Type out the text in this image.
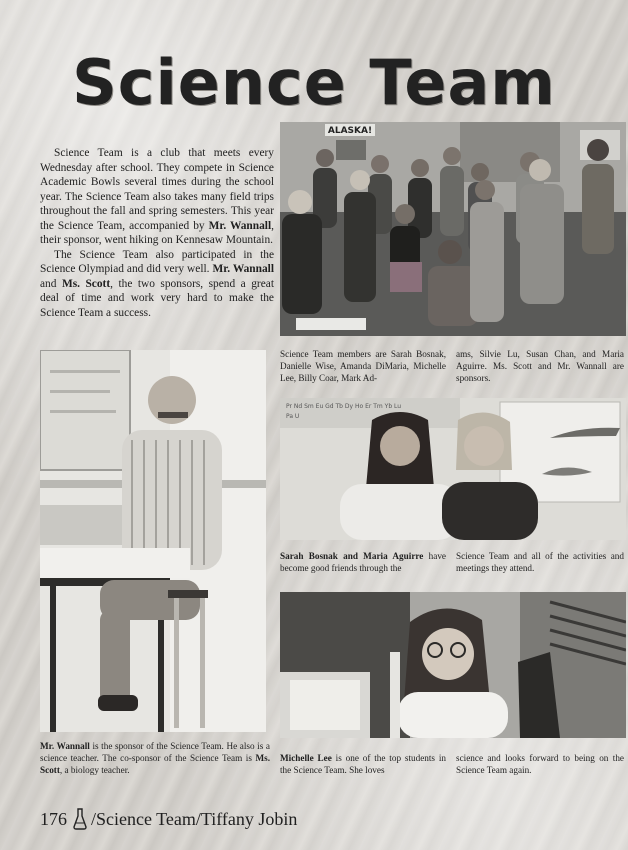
Science Team

Science Team is a club that meets every Wednesday after school. They compete in Science Academic Bowls several times during the school year. The Science Team also takes many field trips throughout the fall and spring semesters. This year the Science Team, accompanied by Mr. Wannall, their sponsor, went hiking on Kennesaw Mountain.

The Science Team also participated in the Science Olympiad and did very well. Mr. Wannall and Ms. Scott, the two sponsors, spend a great deal of time and work very hard to make the Science Team a success.

ALASKA!
Science Team members are Sarah Bosnak, Danielle Wise, Amanda DiMaria, Michelle Lee, Billy Coar, Mark Ad-
ams, Silvie Lu, Susan Chan, and Maria Aguirre. Ms. Scott and Mr. Wannall are sponsors.
Mr. Wannall is the sponsor of the Science Team. He also is a science teacher. The co-sponsor of the Science Team is Ms. Scott, a biology teacher.
Pr Nd Sm Eu Gd Tb Dy Ho Er Tm Yb Lu
Pa U
Sarah Bosnak and Maria Aguirre have become good friends through the
Science Team and all of the activities and meetings they attend.
Michelle Lee is one of the top students in the Science Team. She loves
science and looks forward to being on the Science Team again.
176 /Science Team/Tiffany Jobin
